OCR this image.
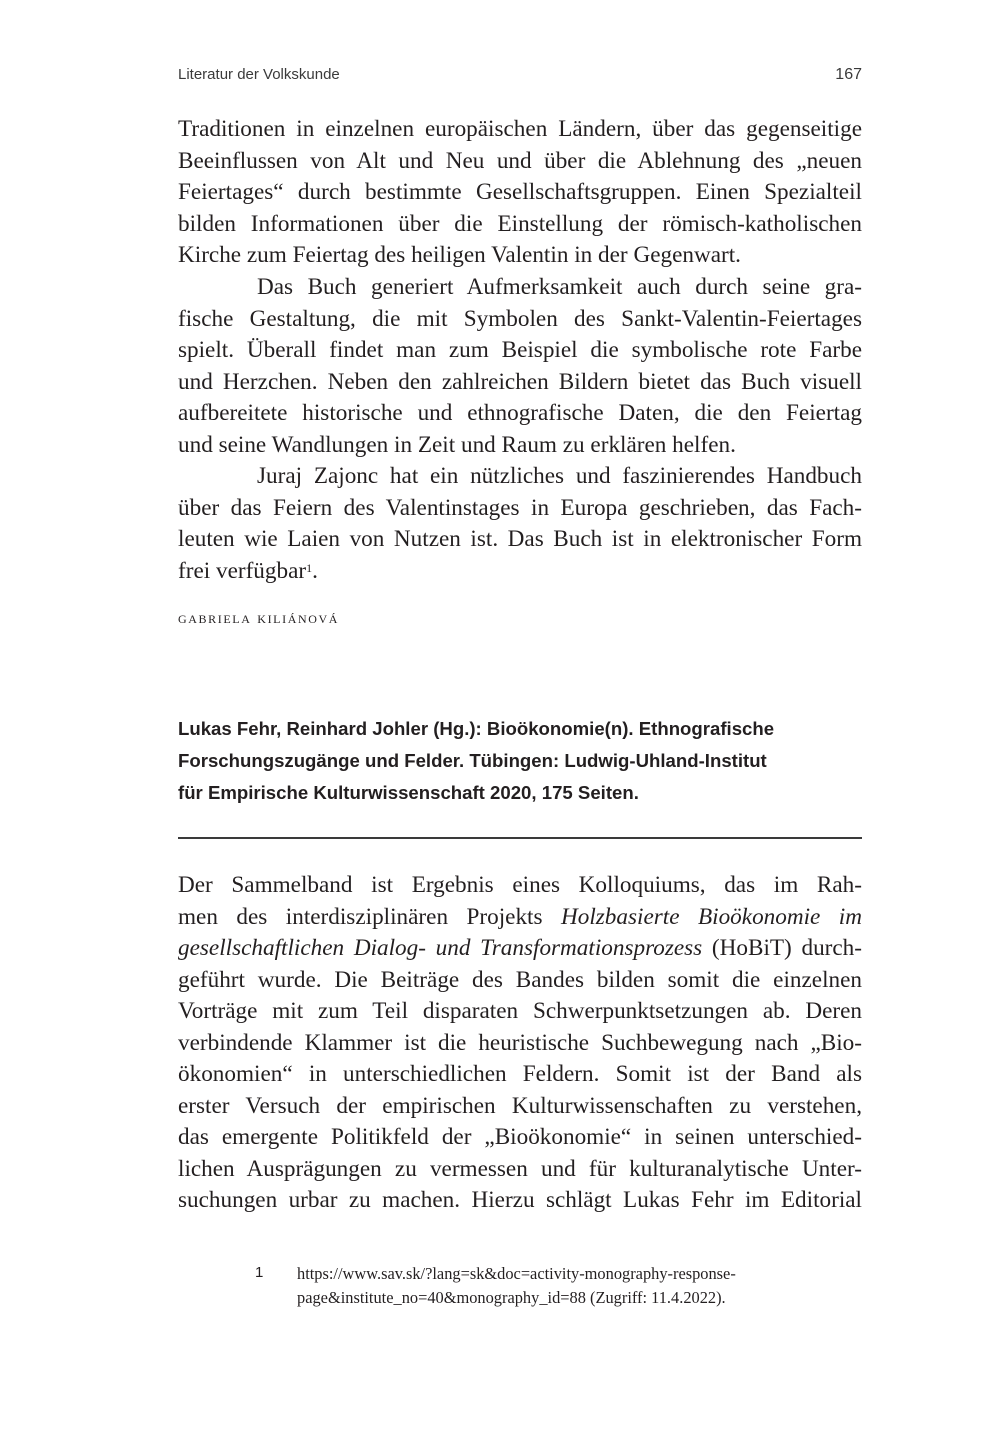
Literatur der Volkskunde	167
Traditionen in einzelnen europäischen Ländern, über das gegenseitige
Beeinflussen von Alt und Neu und über die Ablehnung des „neuen
Feiertages“ durch bestimmte Gesellschaftsgruppen. Einen Spezialteil
bilden Informationen über die Einstellung der römisch-katholischen
Kirche zum Feiertag des heiligen Valentin in der Gegenwart.
Das Buch generiert Aufmerksamkeit auch durch seine gra-
fische Gestaltung, die mit Symbolen des Sankt-Valentin-Feiertages
spielt. Überall findet man zum Beispiel die symbolische rote Farbe
und Herzchen. Neben den zahlreichen Bildern bietet das Buch visuell
aufbereitete historische und ethnografische Daten, die den Feiertag
und seine Wandlungen in Zeit und Raum zu erklären helfen.
Juraj Zajonc hat ein nützliches und faszinierendes Handbuch
über das Feiern des Valentinstages in Europa geschrieben, das Fach-
leuten wie Laien von Nutzen ist. Das Buch ist in elektronischer Form
frei verfügbar$^1$.
gabriela kiliánová
Lukas Fehr, Reinhard Johler (Hg.): Bioökonomie(n). Ethnografische
Forschungszugänge und Felder. Tübingen: Ludwig-Uhland-Institut
für Empirische Kulturwissenschaft 2020, 175 Seiten.
Der Sammelband ist Ergebnis eines Kolloquiums, das im Rah-
men des interdisziplinären Projekts Holzbasierte Bioökonomie im
gesellschaftlichen Dialog- und Transformationsprozess (HoBiT) durch-
geführt wurde. Die Beiträge des Bandes bilden somit die einzelnen
Vorträge mit zum Teil disparaten Schwerpunktsetzungen ab. Deren
verbindende Klammer ist die heuristische Suchbewegung nach „Bio-
ökonomien“ in unterschiedlichen Feldern. Somit ist der Band als
erster Versuch der empirischen Kulturwissenschaften zu verstehen,
das emergente Politikfeld der „Bioökonomie“ in seinen unterschied-
lichen Ausprägungen zu vermessen und für kulturanalytische Unter-
suchungen urbar zu machen. Hierzu schlägt Lukas Fehr im Editorial
1 https://www.sav.sk/?lang=sk&doc=activity-monography-response-
page&institute_no=40&monography_id=88 (Zugriff: 11.4.2022).
